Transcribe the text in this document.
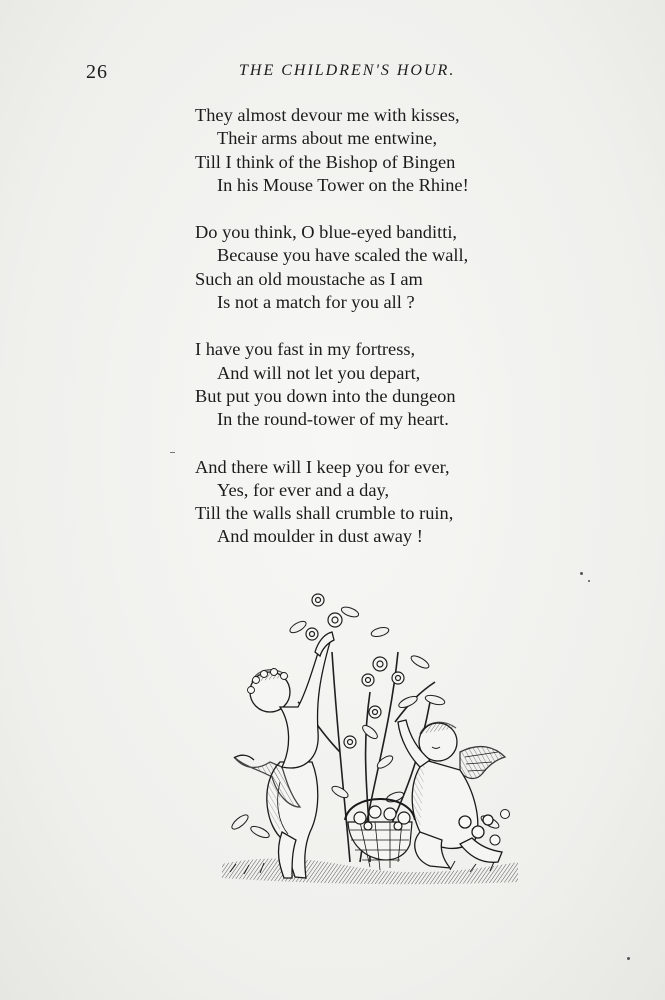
26	THE CHILDREN'S HOUR.
They almost devour me with kisses,
Their arms about me entwine,
Till I think of the Bishop of Bingen
In his Mouse Tower on the Rhine!
Do you think, O blue-eyed banditti,
Because you have scaled the wall,
Such an old moustache as I am
Is not a match for you all ?
I have you fast in my fortress,
And will not let you depart,
But put you down into the dungeon
In the round-tower of my heart.
And there will I keep you for ever,
Yes, for ever and a day,
Till the walls shall crumble to ruin,
And moulder in dust away !
